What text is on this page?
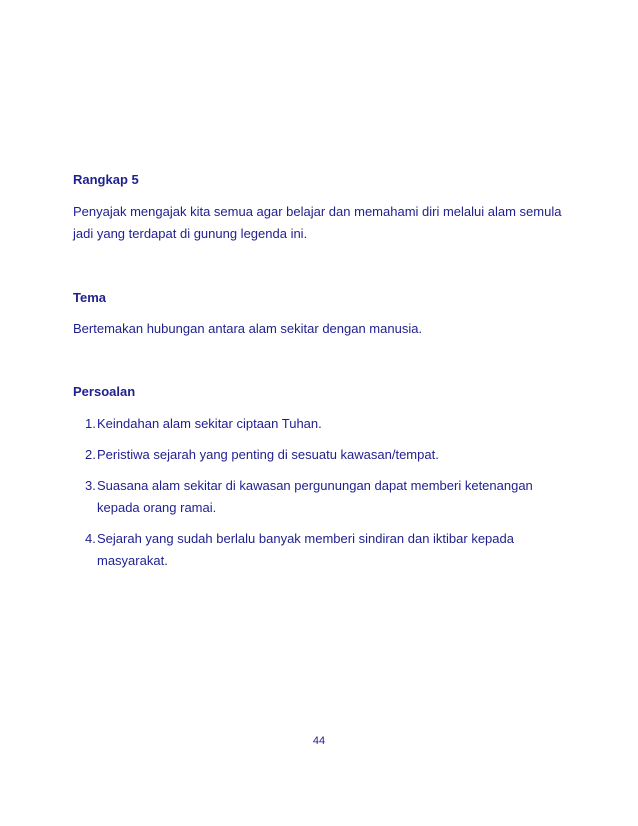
Rangkap 5

Penyajak mengajak kita semua agar belajar dan memahami diri melalui alam semula jadi yang terdapat di gunung legenda ini.

Tema

Bertemakan hubungan antara alam sekitar dengan manusia.

Persoalan
1. Keindahan alam sekitar ciptaan Tuhan.
2. Peristiwa sejarah yang penting di sesuatu kawasan/tempat.
3. Suasana alam sekitar di kawasan pergunungan dapat memberi ketenangan kepada orang ramai.
4. Sejarah yang sudah berlalu banyak memberi sindiran dan iktibar kepada masyarakat.
44
